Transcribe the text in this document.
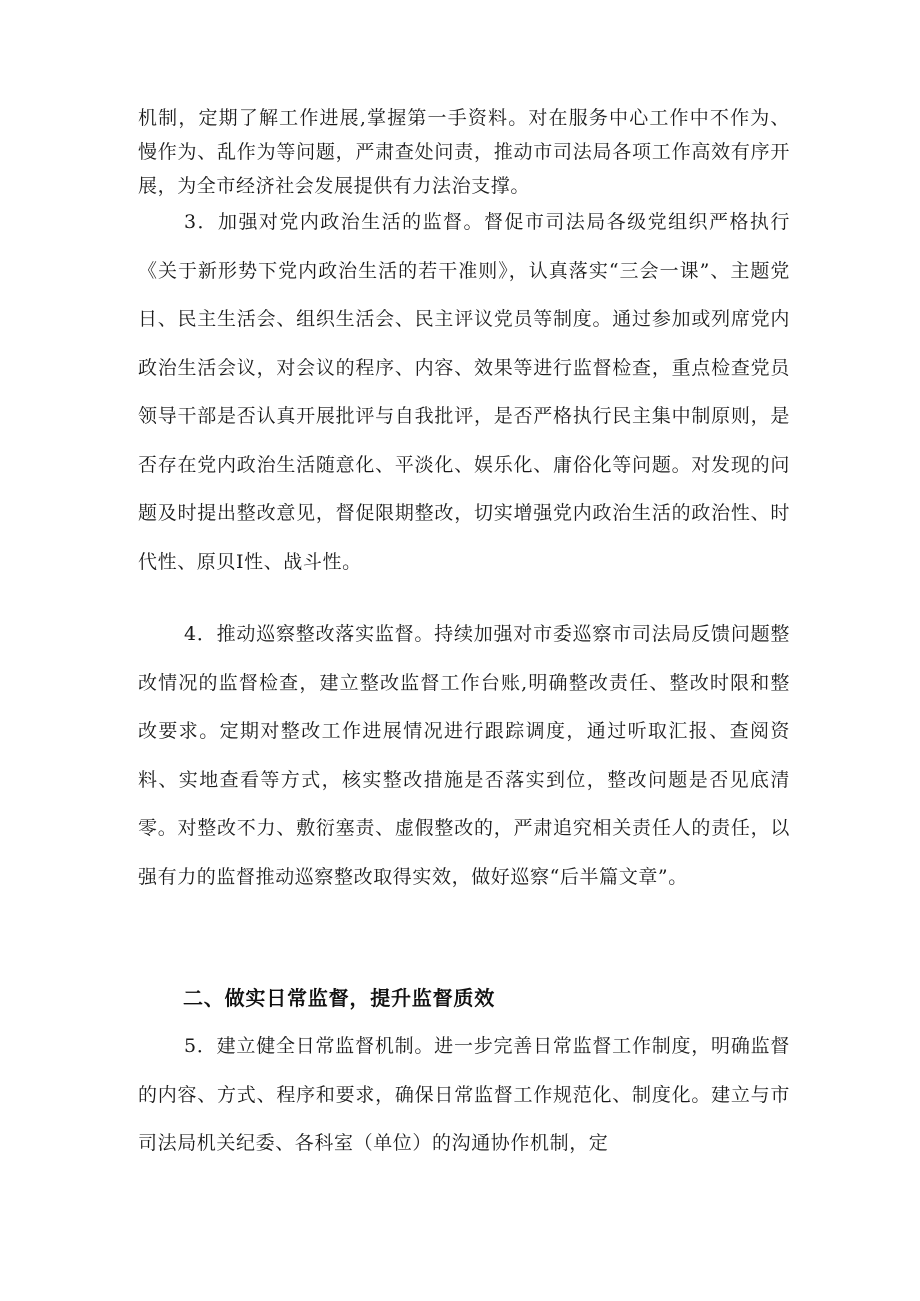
机制，定期了解工作进展,掌握第一手资料。对在服务中心工作中不作为、慢作为、乱作为等问题，严肃查处问责，推动市司法局各项工作高效有序开展，为全市经济社会发展提供有力法治支撑。

3．加强对党内政治生活的监督。督促市司法局各级党组织严格执行《关于新形势下党内政治生活的若干准则》，认真落实“三会一课”、主题党日、民主生活会、组织生活会、民主评议党员等制度。通过参加或列席党内政治生活会议，对会议的程序、内容、效果等进行监督检查，重点检查党员领导干部是否认真开展批评与自我批评，是否严格执行民主集中制原则，是否存在党内政治生活随意化、平淡化、娱乐化、庸俗化等问题。对发现的问题及时提出整改意见，督促限期整改，切实增强党内政治生活的政治性、时代性、原贝I性、战斗性。

4．推动巡察整改落实监督。持续加强对市委巡察市司法局反馈问题整改情况的监督检查，建立整改监督工作台账,明确整改责任、整改时限和整改要求。定期对整改工作进展情况进行跟踪调度，通过听取汇报、查阅资料、实地查看等方式，核实整改措施是否落实到位，整改问题是否见底清零。对整改不力、敷衍塞责、虚假整改的，严肃追究相关责任人的责任，以强有力的监督推动巡察整改取得实效，做好巡察“后半篇文章”。

二、做实日常监督，提升监督质效

5．建立健全日常监督机制。进一步完善日常监督工作制度，明确监督的内容、方式、程序和要求，确保日常监督工作规范化、制度化。建立与市司法局机关纪委、各科室（单位）的沟通协作机制，定
